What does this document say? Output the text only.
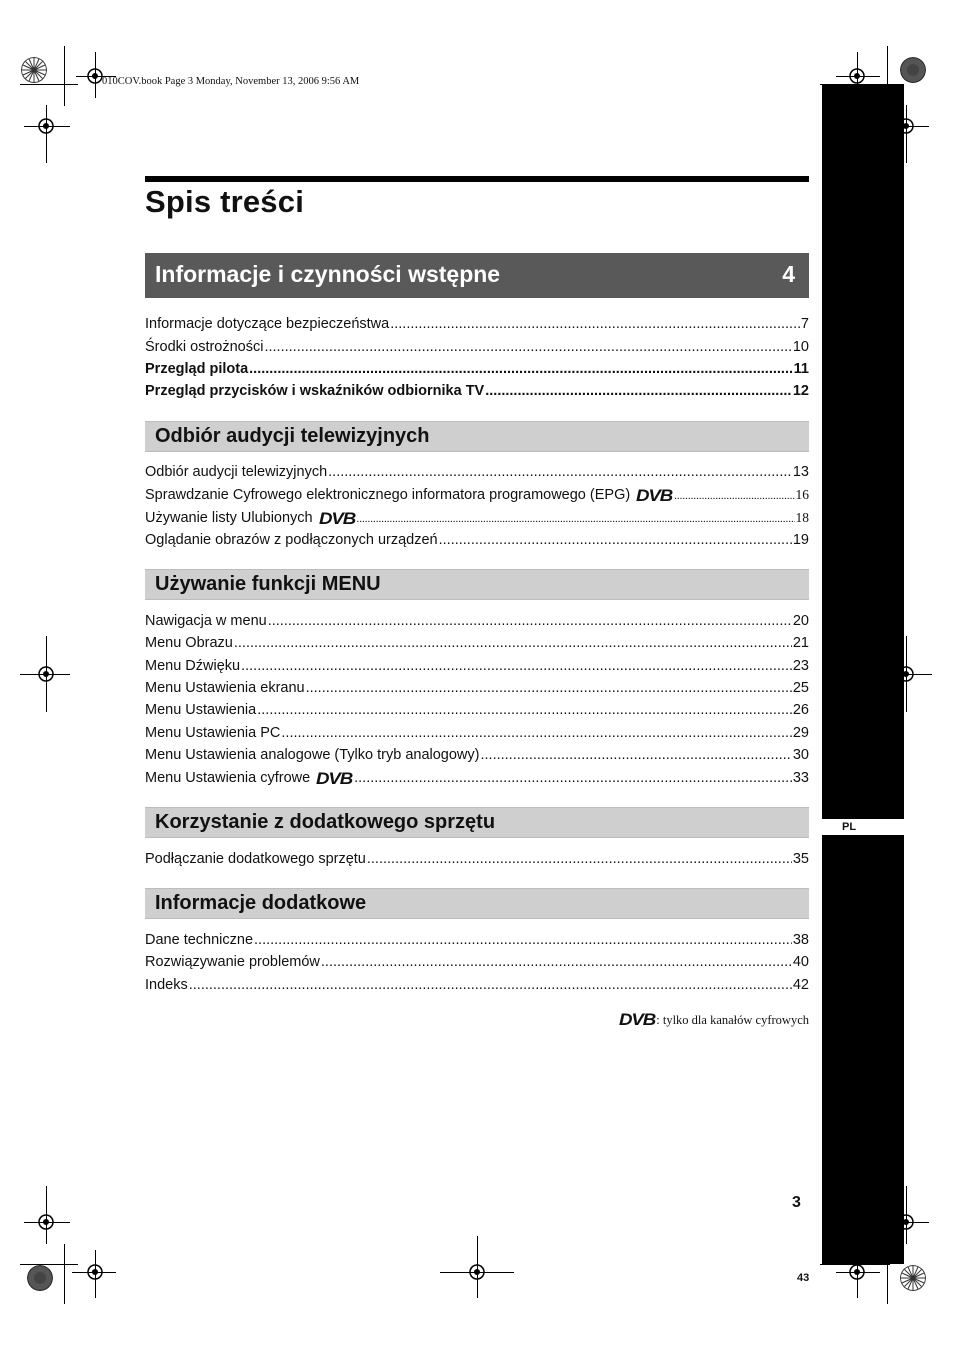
010COV.book Page 3 Monday, November 13, 2006 9:56 AM
PL
Spis treści
Informacje i czynności wstępne	4
Informacje dotyczące bezpieczeństwa .....	7
Środki ostrożności .....	10
Przegląd pilota .....	11
Przegląd przycisków i wskaźników odbiornika TV .....	12
Odbiór audycji telewizyjnych
Odbiór audycji telewizyjnych .....	13
Sprawdzanie Cyfrowego elektronicznego informatora programowego (EPG) DVB .....	16
Używanie listy Ulubionych DVB .....	18
Oglądanie obrazów z podłączonych urządzeń .....	19
Używanie funkcji MENU
Nawigacja w menu .....	20
Menu Obrazu .....	21
Menu Dźwięku .....	23
Menu Ustawienia ekranu .....	25
Menu Ustawienia .....	26
Menu Ustawienia PC .....	29
Menu Ustawienia analogowe (Tylko tryb analogowy) .....	30
Menu Ustawienia cyfrowe DVB .....	33
Korzystanie z dodatkowego sprzętu
Podłączanie dodatkowego sprzętu .....	35
Informacje dodatkowe
Dane techniczne .....	38
Rozwiązywanie problemów .....	40
Indeks .....	42
DVB : tylko dla kanałów cyfrowych
3
43
